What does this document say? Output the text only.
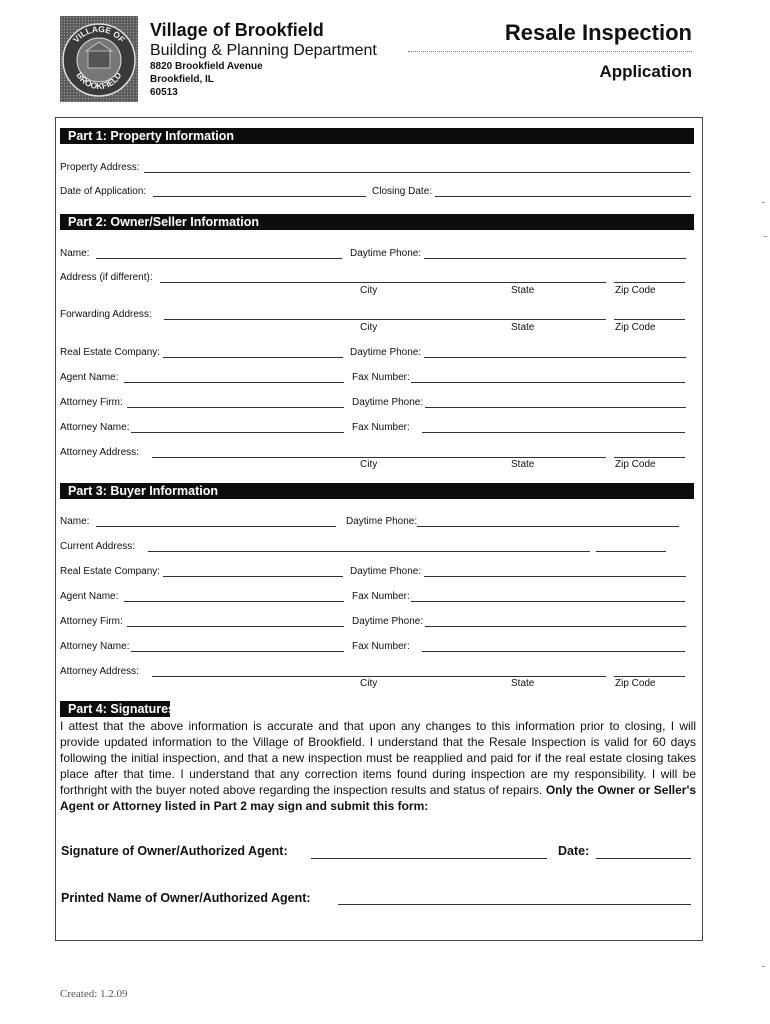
VILLAGE OF
BROOKFIELD
Village of Brookfield
Building & Planning Department
8820 Brookfield Avenue
Brookfield, IL
60513
Resale Inspection
Application
Part 1: Property Information
Property Address:
Date of Application:	Closing Date:
Part 2: Owner/Seller Information
Name:	Daytime Phone:
Address (if different):
City	State	Zip Code
Forwarding Address:
City	State	Zip Code
Real Estate Company:	Daytime Phone:
Agent Name:	Fax Number:
Attorney Firm:	Daytime Phone:
Attorney Name:	Fax Number:
Attorney Address:
City	State	Zip Code
Part 3: Buyer Information
Name:	Daytime Phone:
Current Address:
Real Estate Company:	Daytime Phone:
Agent Name:	Fax Number:
Attorney Firm:	Daytime Phone:
Attorney Name:	Fax Number:
Attorney Address:
City	State	Zip Code
Part 4: Signatures
I attest that the above information is accurate and that upon any changes to this information prior to closing, I will provide updated information to the Village of Brookfield. I understand that the Resale Inspection is valid for 60 days following the initial inspection, and that a new inspection must be reapplied and paid for if the real estate closing takes place after that time. I understand that any correction items found during inspection are my responsibility. I will be forthright with the buyer noted above regarding the inspection results and status of repairs. Only the Owner or Seller's Agent or Attorney listed in Part 2 may sign and submit this form:
Signature of Owner/Authorized Agent:	Date:
Printed Name of Owner/Authorized Agent:
Created: 1.2.09
